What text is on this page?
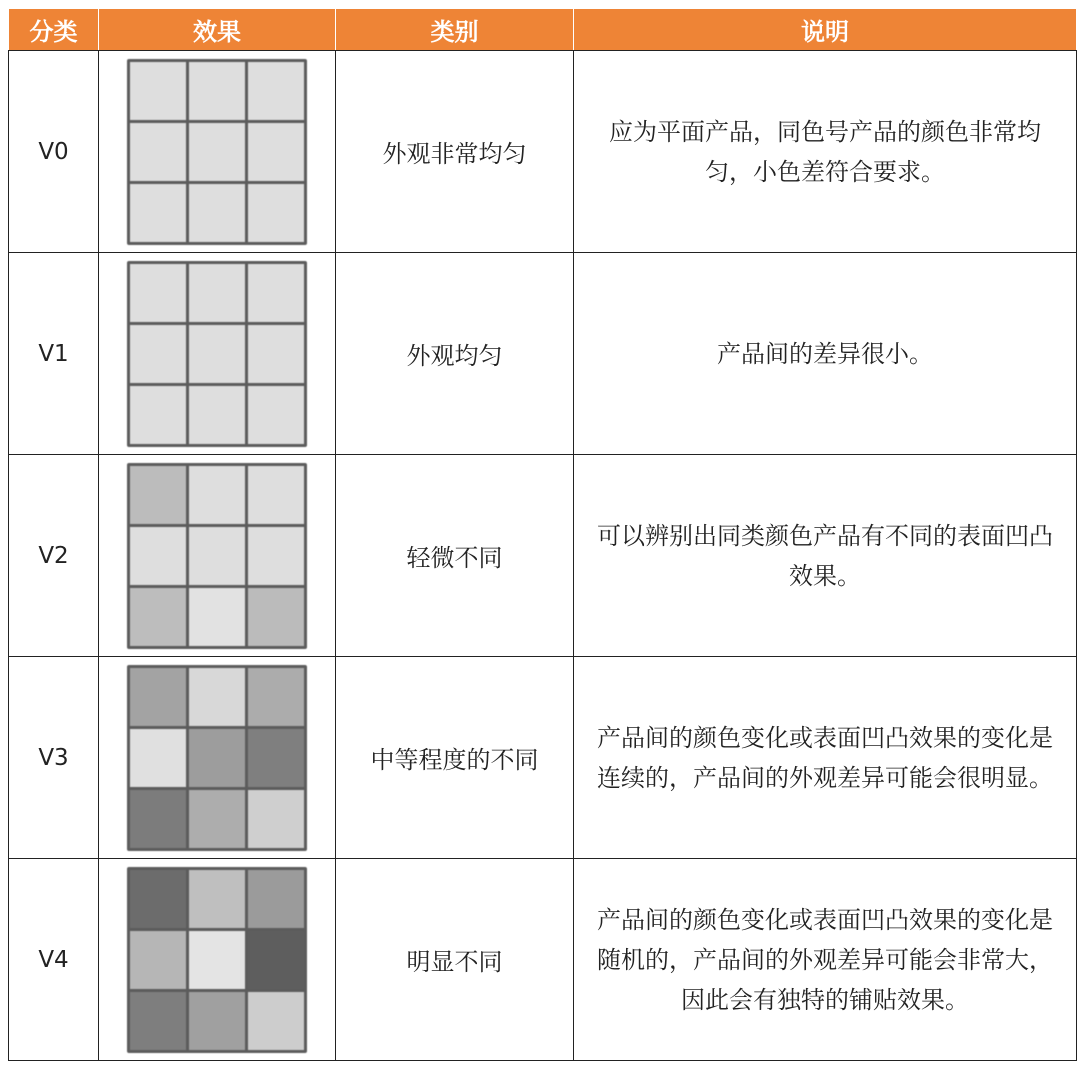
分类	效果	类别	说明
V0		外观非常均匀	应为平面产品，同色号产品的颜色非常均匀，小色差符合要求。
V1		外观均匀	产品间的差异很小。
V2		轻微不同	可以辨别出同类颜色产品有不同的表面凹凸效果。
V3		中等程度的不同	产品间的颜色变化或表面凹凸效果的变化是连续的，产品间的外观差异可能会很明显。
V4		明显不同	产品间的颜色变化或表面凹凸效果的变化是随机的，产品间的外观差异可能会非常大，因此会有独特的铺贴效果。
